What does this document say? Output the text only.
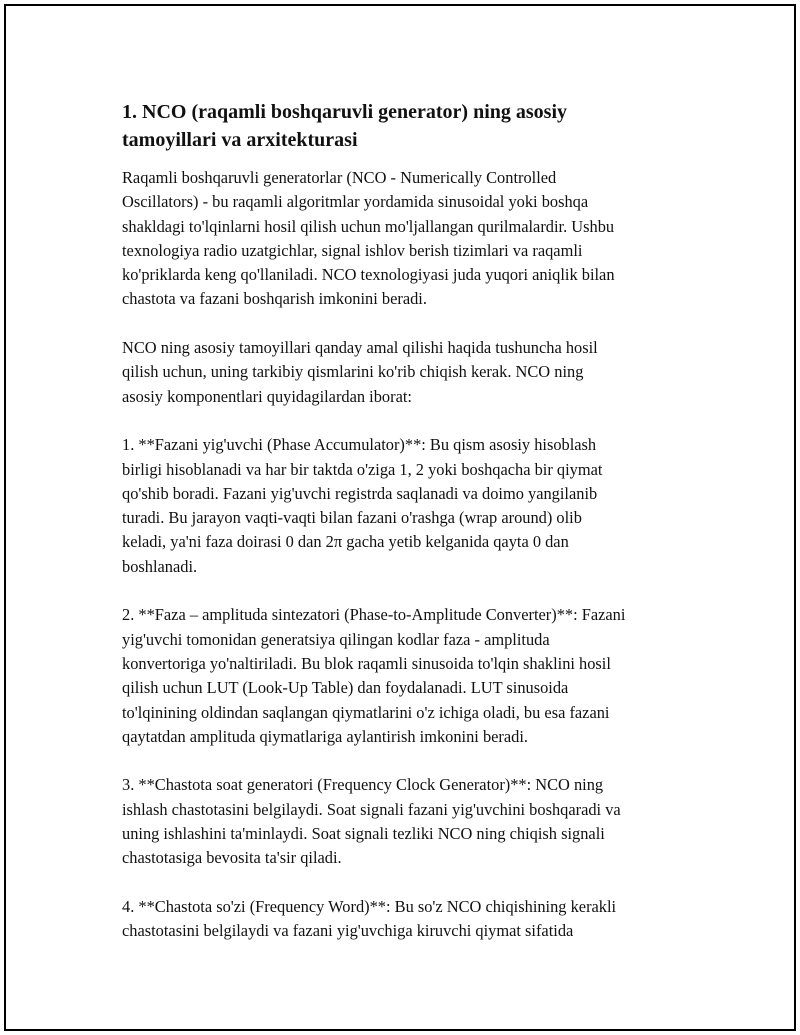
1. NCO (raqamli boshqaruvli generator) ning asosiy
tamoyillari va arxitekturasi

Raqamli boshqaruvli generatorlar (NCO - Numerically Controlled
Oscillators) - bu raqamli algoritmlar yordamida sinusoidal yoki boshqa
shakldagi to'lqinlarni hosil qilish uchun mo'ljallangan qurilmalardir. Ushbu
texnologiya radio uzatgichlar, signal ishlov berish tizimlari va raqamli
ko'priklarda keng qo'llaniladi. NCO texnologiyasi juda yuqori aniqlik bilan
chastota va fazani boshqarish imkonini beradi.

NCO ning asosiy tamoyillari qanday amal qilishi haqida tushuncha hosil
qilish uchun, uning tarkibiy qismlarini ko'rib chiqish kerak. NCO ning
asosiy komponentlari quyidagilardan iborat:

1. **Fazani yig'uvchi (Phase Accumulator)**: Bu qism asosiy hisoblash
birligi hisoblanadi va har bir taktda o'ziga 1, 2 yoki boshqacha bir qiymat
qo'shib boradi. Fazani yig'uvchi registrda saqlanadi va doimo yangilanib
turadi. Bu jarayon vaqti-vaqti bilan fazani o'rashga (wrap around) olib
keladi, ya'ni faza doirasi 0 dan 2π gacha yetib kelganida qayta 0 dan
boshlanadi.

2. **Faza – amplituda sintezatori (Phase-to-Amplitude Converter)**: Fazani
yig'uvchi tomonidan generatsiya qilingan kodlar faza - amplituda
konvertoriga yo'naltiriladi. Bu blok raqamli sinusoida to'lqin shaklini hosil
qilish uchun LUT (Look-Up Table) dan foydalanadi. LUT sinusoida
to'lqinining oldindan saqlangan qiymatlarini o'z ichiga oladi, bu esa fazani
qaytatdan amplituda qiymatlariga aylantirish imkonini beradi.

3. **Chastota soat generatori (Frequency Clock Generator)**: NCO ning
ishlash chastotasini belgilaydi. Soat signali fazani yig'uvchini boshqaradi va
uning ishlashini ta'minlaydi. Soat signali tezliki NCO ning chiqish signali
chastotasiga bevosita ta'sir qiladi.

4. **Chastota so'zi (Frequency Word)**: Bu so'z NCO chiqishining kerakli
chastotasini belgilaydi va fazani yig'uvchiga kiruvchi qiymat sifatida
